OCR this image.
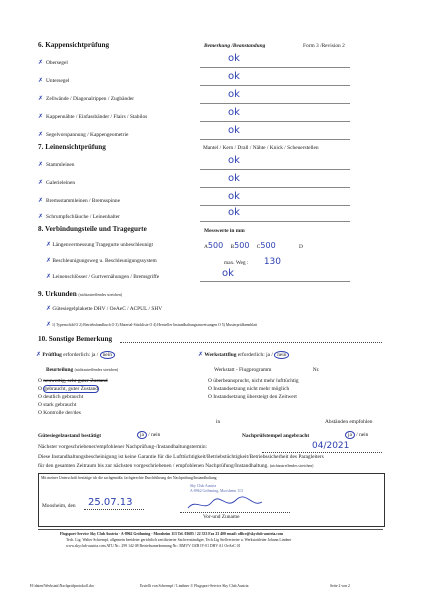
6. Kappensichtprüfung	Bemerkung /Beanstandung	Form 3 /Revision 2
✗ Obersegel	ok
✗ Untersegel	ok
✗ Zellwände / Diagonalrippen / Zugbänder	ok
✗ Kappennähte / Einfassbänder / Flairs / Stabilos	ok
✗ Segelvorspannung / Kappengeometrie	ok
7. Leinensichtprüfung	Mantel / Kern / Drall / Nähte / Knick / Scheuerstellen
✗ Stammleinen	ok
✗ Galerieleinen	ok
✗ Bremsstammleinen / Bremsspinne	ok
✗ Schrumpfschläuche / Leinenhalter	ok
8. Verbindungsteile und Tragegurte	Messwerte in mm
✗ Längenvermessung Tragegurte unbeschleunigt	A500 B500 C500	D
✗ Beschleunigungsweg u. Beschleunigungssystem	max. Weg : 130
✗ Leinenschlösser / Gurtvernähungen / Bremsgriffe	ok
9. Urkunden (nichtzutreffendes streichen)
✗ Gütesiegelplakette DHV / OeAeC / ACPUL / SHV
✗ 1) Typenschild O 2) Betriebshandbuch O 3) Material-Stückliste O 4) Hersteller Instandhaltungsanweisungen O 5) Musterprüfkennblatt
10. Sonstige Bemerkung
✗ Prüfflug erforderlich: ja / nein	✗ Werkstattflug erforderlich: ja / nein
Beurteilung (nichtzutreffendes streichen)	Werkstatt - Flugprogramm	Nr.
O neuwertig, sehr guter Zustand
O gebraucht, guter Zustand
O deutlich gebraucht
O stark gebraucht
O Kontrolle der/des
O überbeansprucht, nicht mehr lufttüchtig
O Instandsetzung nicht mehr möglich
O Instandsetzung übersteigt den Zeitwert
in	Abständen empfohlen
Gütesiegelzustand bestätigt	ja / nein	Nachprüfstempel angebracht	ja / nein
Nächster vorgeschriebener/empfohlener Nachprüfung-/Instandhaltungstermin:	04/2021
Diese Instandhaltungsbescheinigung ist keine Garantie für die Lufttüchtigkeit/Betriebstüchtigkeit/Betriebssicherheit des Paragleiters
für den gesamten Zeitraum bis zur nächsten vorgeschriebenen / empfohlenen Nachprüfung/Instandhaltung. (nichtzutreffendes streichen)
Mit meiner Unterschrift bestätige ich die sachgemäße, fachgerechte Durchführung der Nachprüfung/Instandhaltung
Moosheim, den 25.07.13
Sky Club Austria
A-8962 Gröbming, Moosheim 113
Vor-und Zuname
Flugsport-Service Sky Club Austria - A-8962 Gröbming - Moosheim 113 Tel. 03685 / 22 333 Fax 23 400 email: office@skyclub-austria.com
Tech. Lig. Walter Schrempf, allgemein beeideter gerichtlich zertifizierter Sachverständiger, Tech.Lig Stellvertreter u. Werkstattleiter Johann Lindner
www.skyclub-austria.com ATU Nr.: 299 142 08 Betriebsanerkennung Nr.: BMVV OZB IV-01 DHV A1 OeAeC 01
H:\daten\Werkstatt\Nachprüfprotokoll.doc	Erstellt von Schrempf / Lindtner © Flugsport-Service Sky Club Austria	Seite 2 von 2
